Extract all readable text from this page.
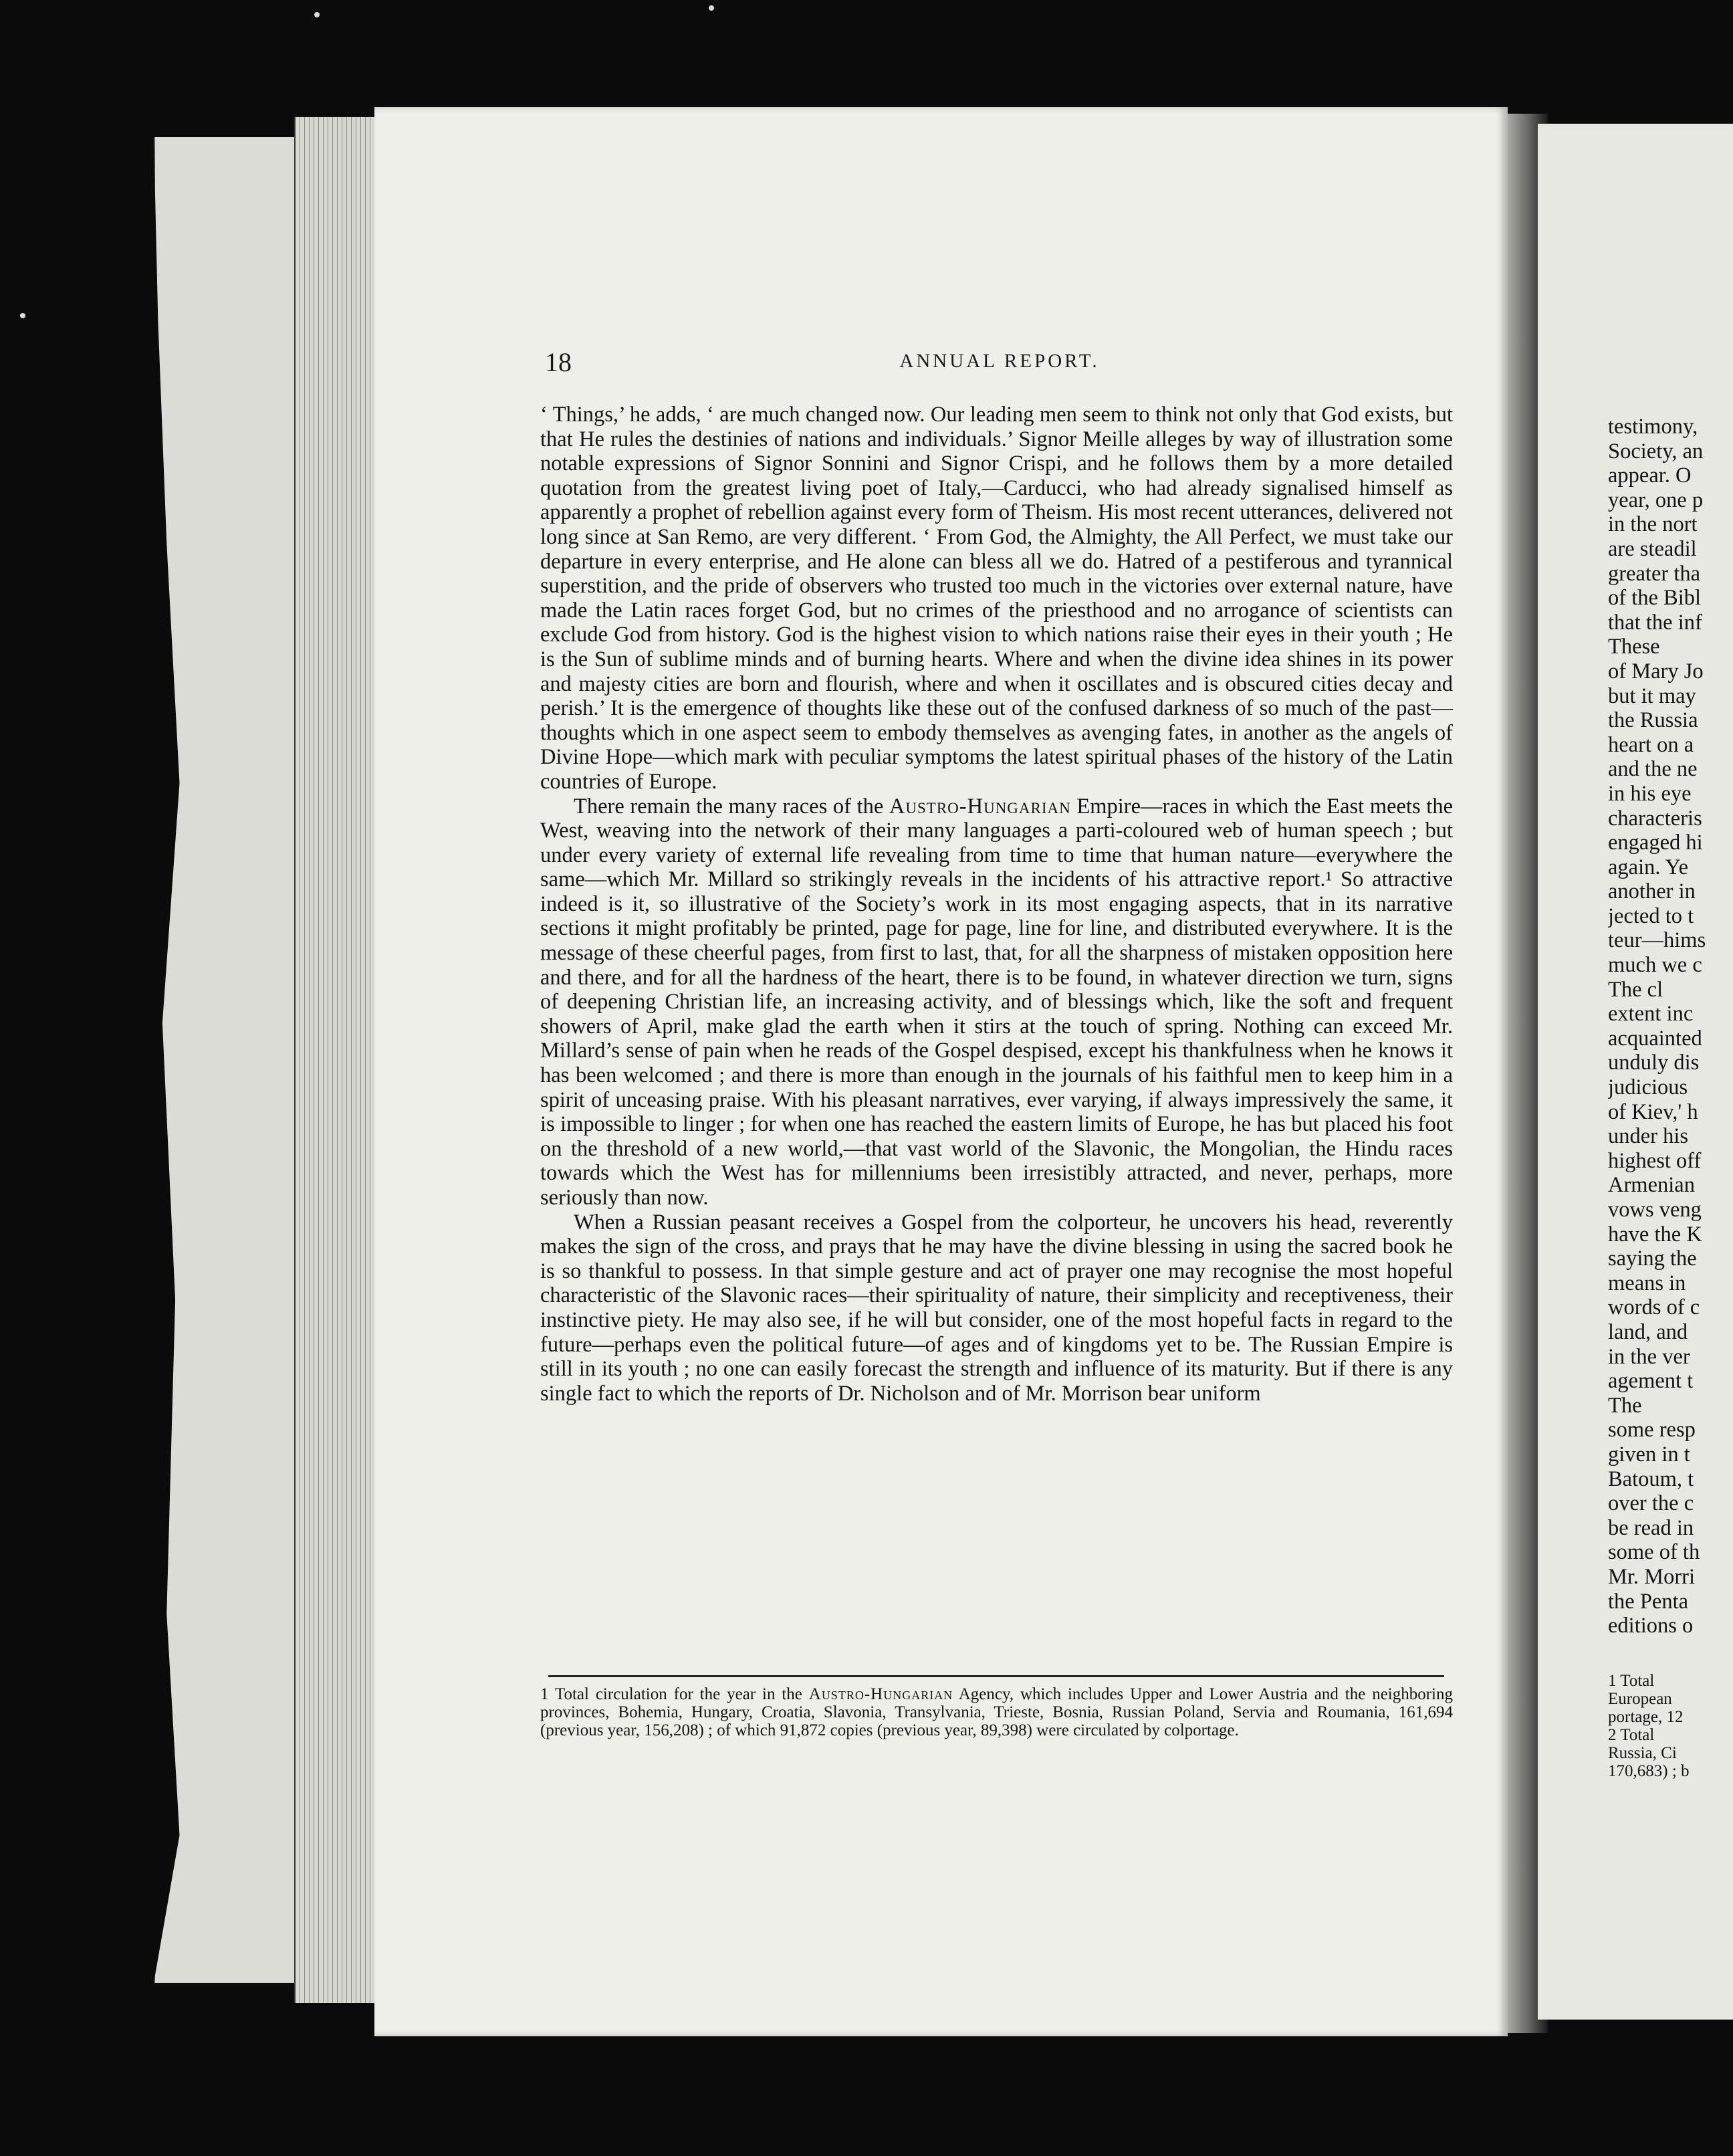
18	ANNUAL REPORT.

‘ Things,’ he adds, ‘ are much changed now. Our leading men seem to think not only that God exists, but that He rules the destinies of nations and individuals.’ Signor Meille alleges by way of illustration some notable expressions of Signor Sonnini and Signor Crispi, and he follows them by a more detailed quotation from the greatest living poet of Italy,—Carducci, who had already signalised himself as apparently a prophet of rebellion against every form of Theism. His most recent utterances, delivered not long since at San Remo, are very different. ‘ From God, the Almighty, the All Perfect, we must take our departure in every enterprise, and He alone can bless all we do. Hatred of a pestiferous and tyrannical superstition, and the pride of observers who trusted too much in the victories over external nature, have made the Latin races forget God, but no crimes of the priesthood and no arrogance of scientists can exclude God from history. God is the highest vision to which nations raise their eyes in their youth ; He is the Sun of sublime minds and of burning hearts. Where and when the divine idea shines in its power and majesty cities are born and flourish, where and when it oscillates and is obscured cities decay and perish.’ It is the emergence of thoughts like these out of the confused darkness of so much of the past—thoughts which in one aspect seem to embody themselves as avenging fates, in another as the angels of Divine Hope—which mark with peculiar symptoms the latest spiritual phases of the history of the Latin countries of Europe.

There remain the many races of the Austro-Hungarian Empire—races in which the East meets the West, weaving into the network of their many languages a parti-coloured web of human speech ; but under every variety of external life revealing from time to time that human nature—everywhere the same—which Mr. Millard so strikingly reveals in the incidents of his attractive report.¹ So attractive indeed is it, so illustrative of the Society’s work in its most engaging aspects, that in its narrative sections it might profitably be printed, page for page, line for line, and distributed everywhere. It is the message of these cheerful pages, from first to last, that, for all the sharpness of mistaken opposition here and there, and for all the hardness of the heart, there is to be found, in whatever direction we turn, signs of deepening Christian life, an increasing activity, and of blessings which, like the soft and frequent showers of April, make glad the earth when it stirs at the touch of spring. Nothing can exceed Mr. Millard’s sense of pain when he reads of the Gospel despised, except his thankfulness when he knows it has been welcomed ; and there is more than enough in the journals of his faithful men to keep him in a spirit of unceasing praise. With his pleasant narratives, ever varying, if always impressively the same, it is impossible to linger ; for when one has reached the eastern limits of Europe, he has but placed his foot on the threshold of a new world,—that vast world of the Slavonic, the Mongolian, the Hindu races towards which the West has for millenniums been irresistibly attracted, and never, perhaps, more seriously than now.

When a Russian peasant receives a Gospel from the colporteur, he uncovers his head, reverently makes the sign of the cross, and prays that he may have the divine blessing in using the sacred book he is so thankful to possess. In that simple gesture and act of prayer one may recognise the most hopeful characteristic of the Slavonic races—their spirituality of nature, their simplicity and receptiveness, their instinctive piety. He may also see, if he will but consider, one of the most hopeful facts in regard to the future—perhaps even the political future—of ages and of kingdoms yet to be. The Russian Empire is still in its youth ; no one can easily forecast the strength and influence of its maturity. But if there is any single fact to which the reports of Dr. Nicholson and of Mr. Morrison bear uniform

1 Total circulation for the year in the Austro-Hungarian Agency, which includes Upper and Lower Austria and the neighboring provinces, Bohemia, Hungary, Croatia, Slavonia, Transylvania, Trieste, Bosnia, Russian Poland, Servia and Roumania, 161,694 (previous year, 156,208) ; of which 91,872 copies (previous year, 89,398) were circulated by colportage.
testimony,
Society, an
appear. O
year, one p
in the nort
are steadil
greater tha
of the Bibl
that the inf
These
of Mary Jo
but it may
the Russia
heart on a
and the ne
in his eye
characteris
engaged hi
again. Ye
another in
jected to t
teur—hims
much we c
The cl
extent inc
acquainted
unduly dis
judicious
of Kiev,' h
under his
highest off
Armenian
vows veng
have the K
saying the
means in
words of c
land, and
in the ver
agement t
The
some resp
given in t
Batoum, t
over the c
be read in
some of th
Mr. Morri
the Penta
editions o
1 Total
European
portage, 12
2 Total
Russia, Ci
170,683) ; b
